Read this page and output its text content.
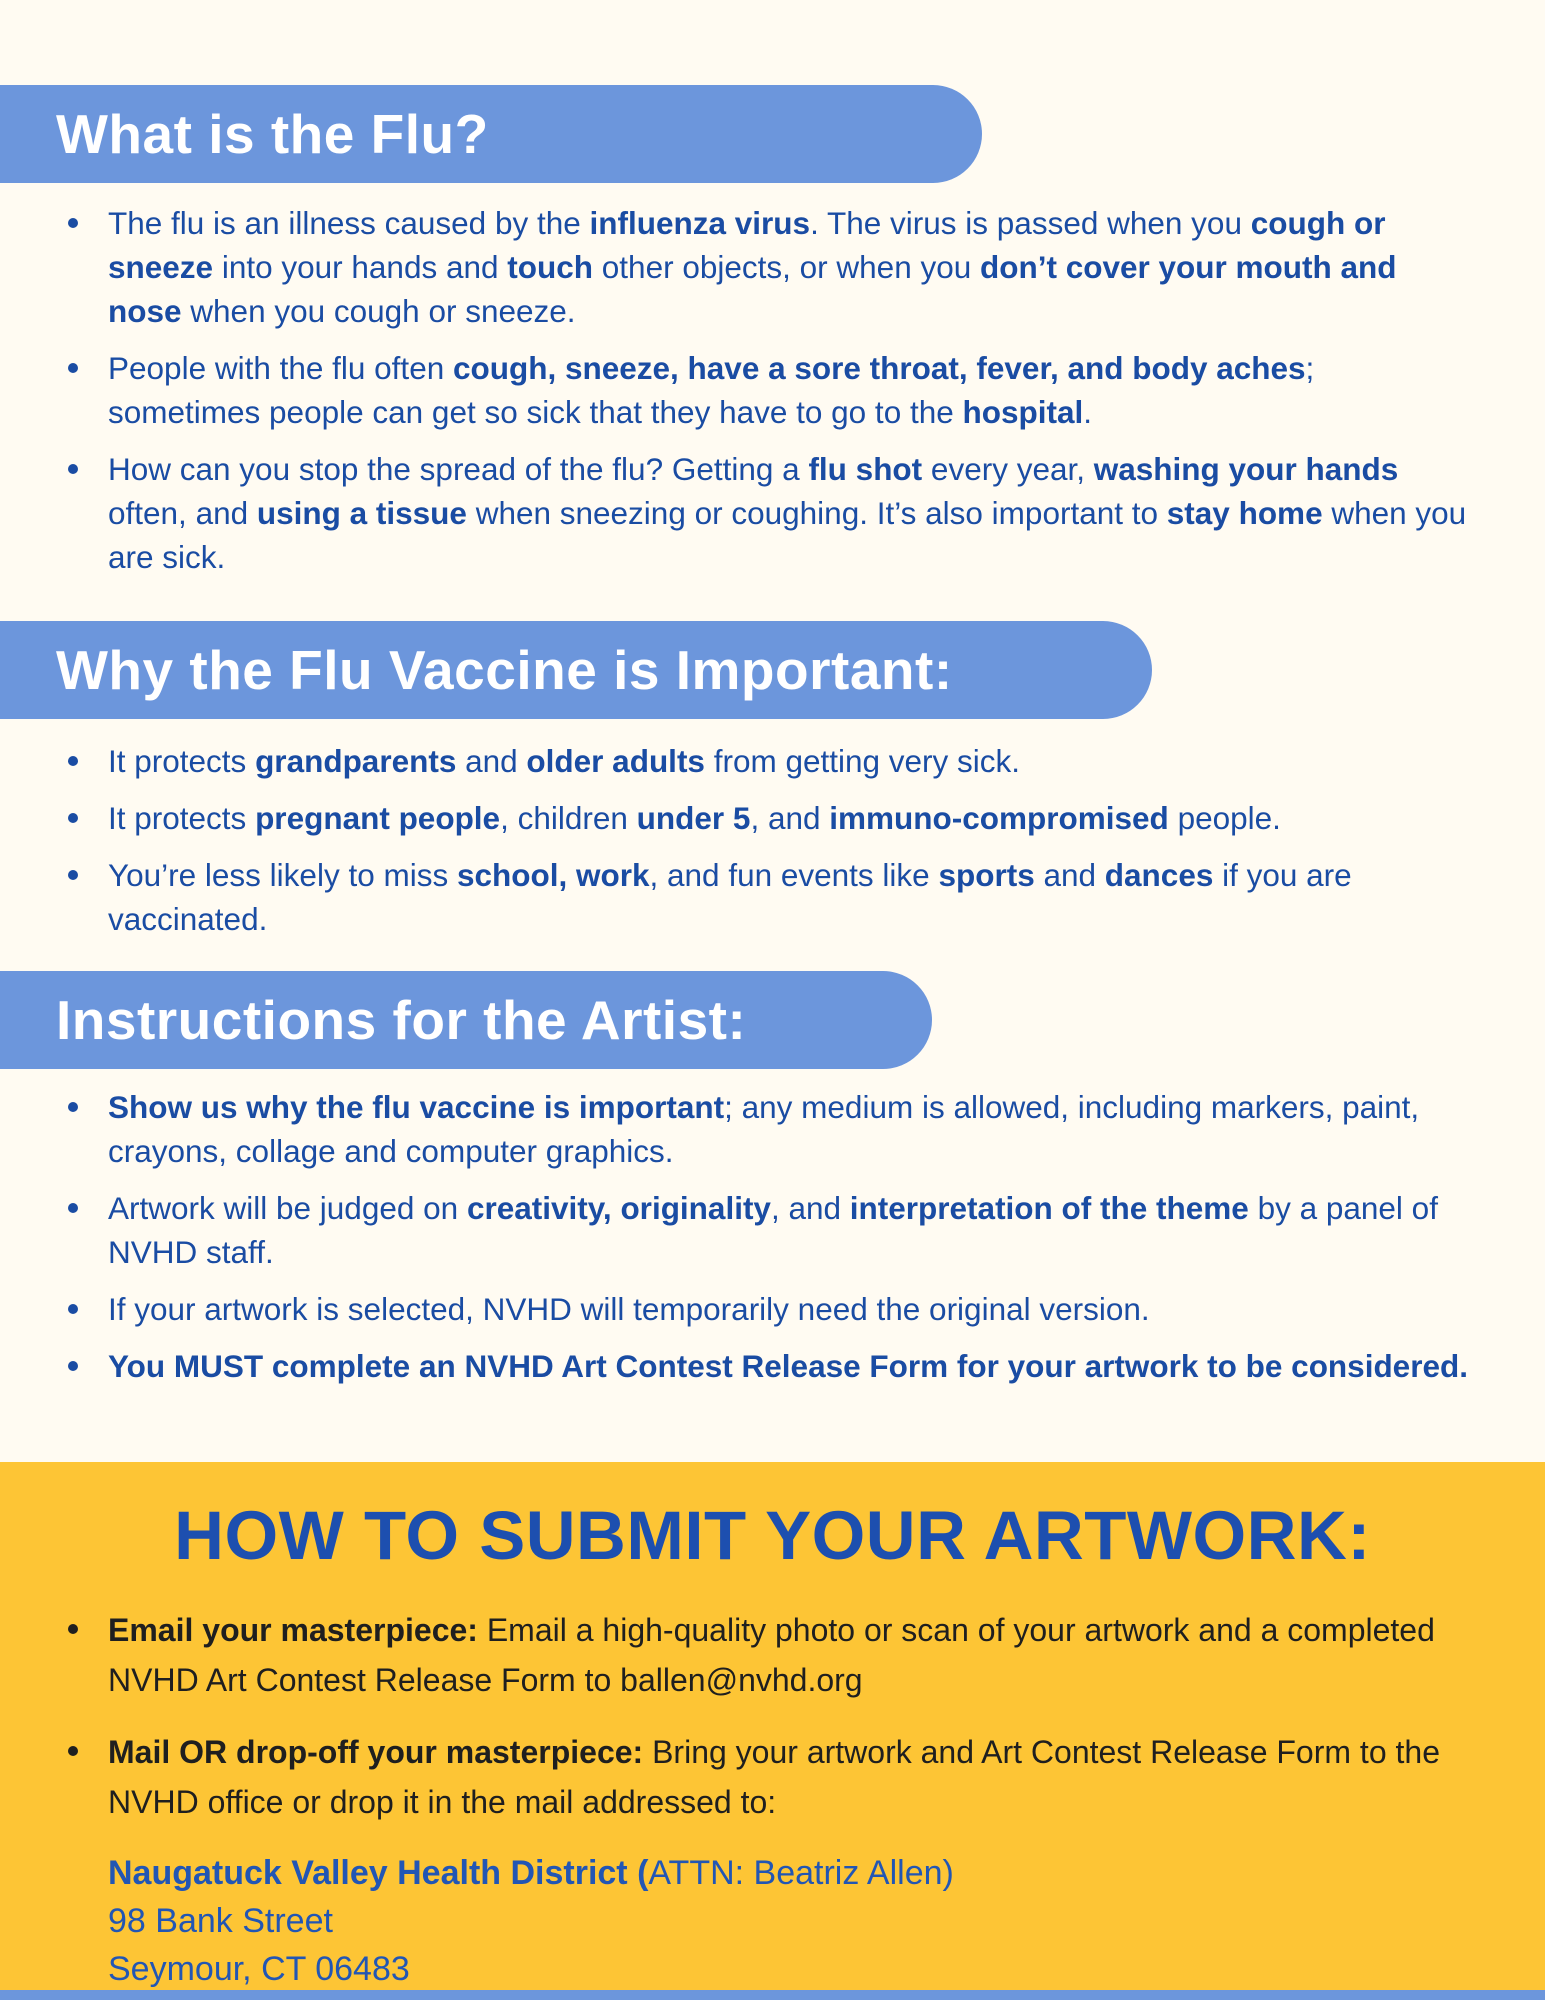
What is the Flu?
The flu is an illness caused by the influenza virus. The virus is passed when you cough or sneeze into your hands and touch other objects, or when you don’t cover your mouth and nose when you cough or sneeze.
People with the flu often cough, sneeze, have a sore throat, fever, and body aches; sometimes people can get so sick that they have to go to the hospital.
How can you stop the spread of the flu? Getting a flu shot every year, washing your hands often, and using a tissue when sneezing or coughing. It’s also important to stay home when you are sick.
Why the Flu Vaccine is Important:
It protects grandparents and older adults from getting very sick.
It protects pregnant people, children under 5, and immuno-compromised people.
You’re less likely to miss school, work, and fun events like sports and dances if you are vaccinated.
Instructions for the Artist:
Show us why the flu vaccine is important; any medium is allowed, including markers, paint, crayons, collage and computer graphics.
Artwork will be judged on creativity, originality, and interpretation of the theme by a panel of NVHD staff.
If your artwork is selected, NVHD will temporarily need the original version.
You MUST complete an NVHD Art Contest Release Form for your artwork to be considered.
HOW TO SUBMIT YOUR ARTWORK:
Email your masterpiece: Email a high-quality photo or scan of your artwork and a completed NVHD Art Contest Release Form to ballen@nvhd.org
Mail OR drop-off your masterpiece: Bring your artwork and Art Contest Release Form to the NVHD office or drop it in the mail addressed to:

Naugatuck Valley Health District (ATTN: Beatriz Allen)

98 Bank Street

Seymour, CT 06483
